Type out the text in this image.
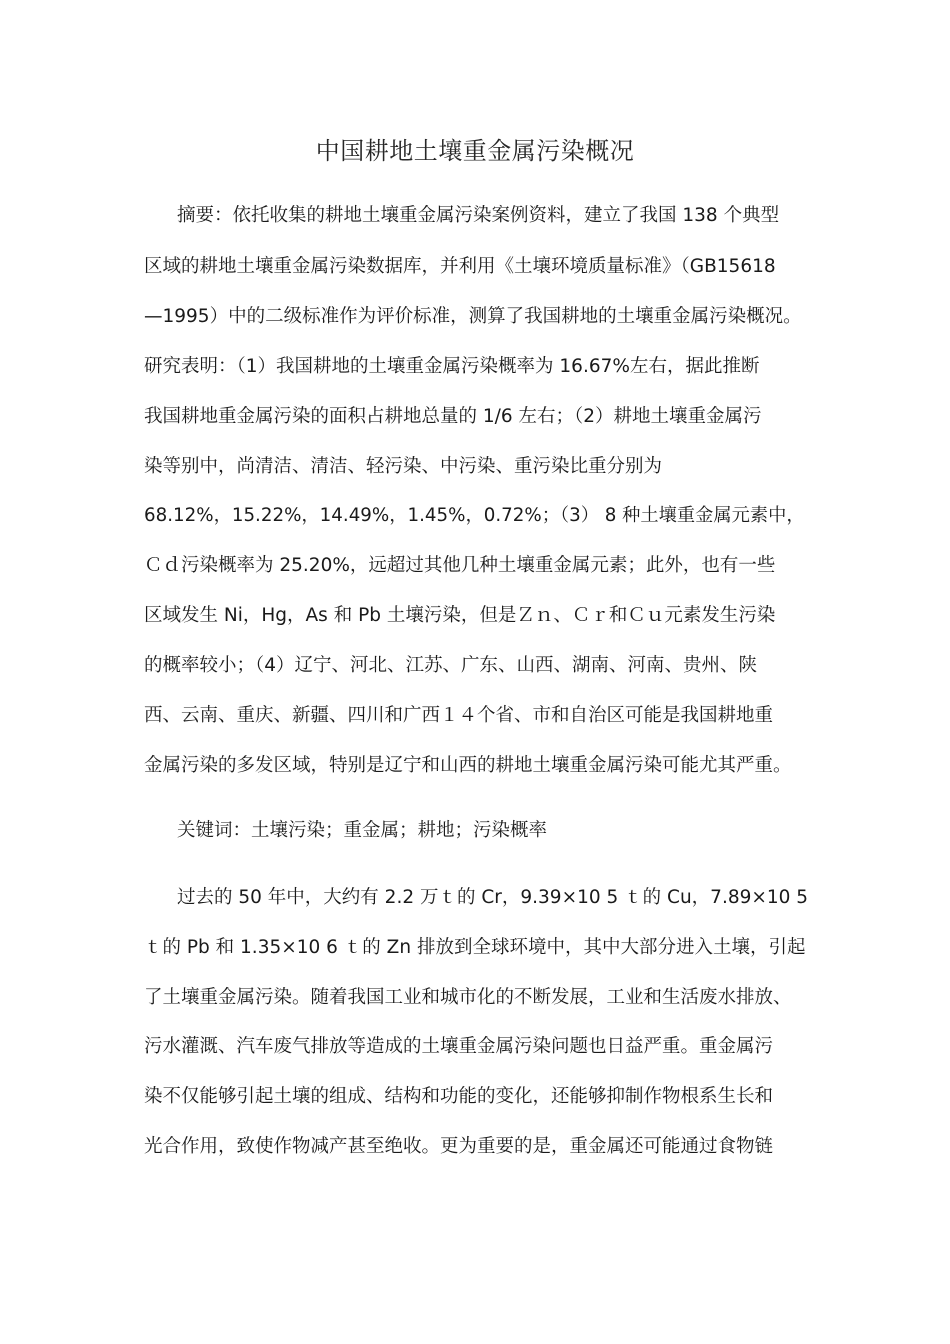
中国耕地土壤重金属污染概况
摘要：依托收集的耕地土壤重金属污染案例资料，建立了我国 138 个典型
区域的耕地土壤重金属污染数据库，并利用《土壤环境质量标准》（GB15618
—1995）中的二级标准作为评价标准，测算了我国耕地的土壤重金属污染概况。
研究表明：（1）我国耕地的土壤重金属污染概率为 16.67%左右，据此推断
我国耕地重金属污染的面积占耕地总量的 1/6 左右；（2）耕地土壤重金属污
染等别中，尚清洁、清洁、轻污染、中污染、重污染比重分别为
68.12%，15.22%，14.49%，1.45%，0.72%；（3） 8 种土壤重金属元素中，
Ｃｄ污染概率为 25.20%，远超过其他几种土壤重金属元素；此外，也有一些
区域发生 Ni，Hg，As 和 Pb 土壤污染，但是Ｚｎ、Ｃｒ和Ｃｕ元素发生污染
的概率较小；（4）辽宁、河北、江苏、广东、山西、湖南、河南、贵州、陕
西、云南、重庆、新疆、四川和广西１４个省、市和自治区可能是我国耕地重
金属污染的多发区域，特别是辽宁和山西的耕地土壤重金属污染可能尤其严重。
关键词：土壤污染；重金属；耕地；污染概率
过去的 50 年中，大约有 2.2 万ｔ的 Cr，9.39×10 5 ｔ的 Cu，7.89×10 5
ｔ的 Pb 和 1.35×10 6 ｔ的 Zn 排放到全球环境中，其中大部分进入土壤，引起
了土壤重金属污染。随着我国工业和城市化的不断发展，工业和生活废水排放、
污水灌溉、汽车废气排放等造成的土壤重金属污染问题也日益严重。重金属污
染不仅能够引起土壤的组成、结构和功能的变化，还能够抑制作物根系生长和
光合作用，致使作物减产甚至绝收。更为重要的是，重金属还可能通过食物链
